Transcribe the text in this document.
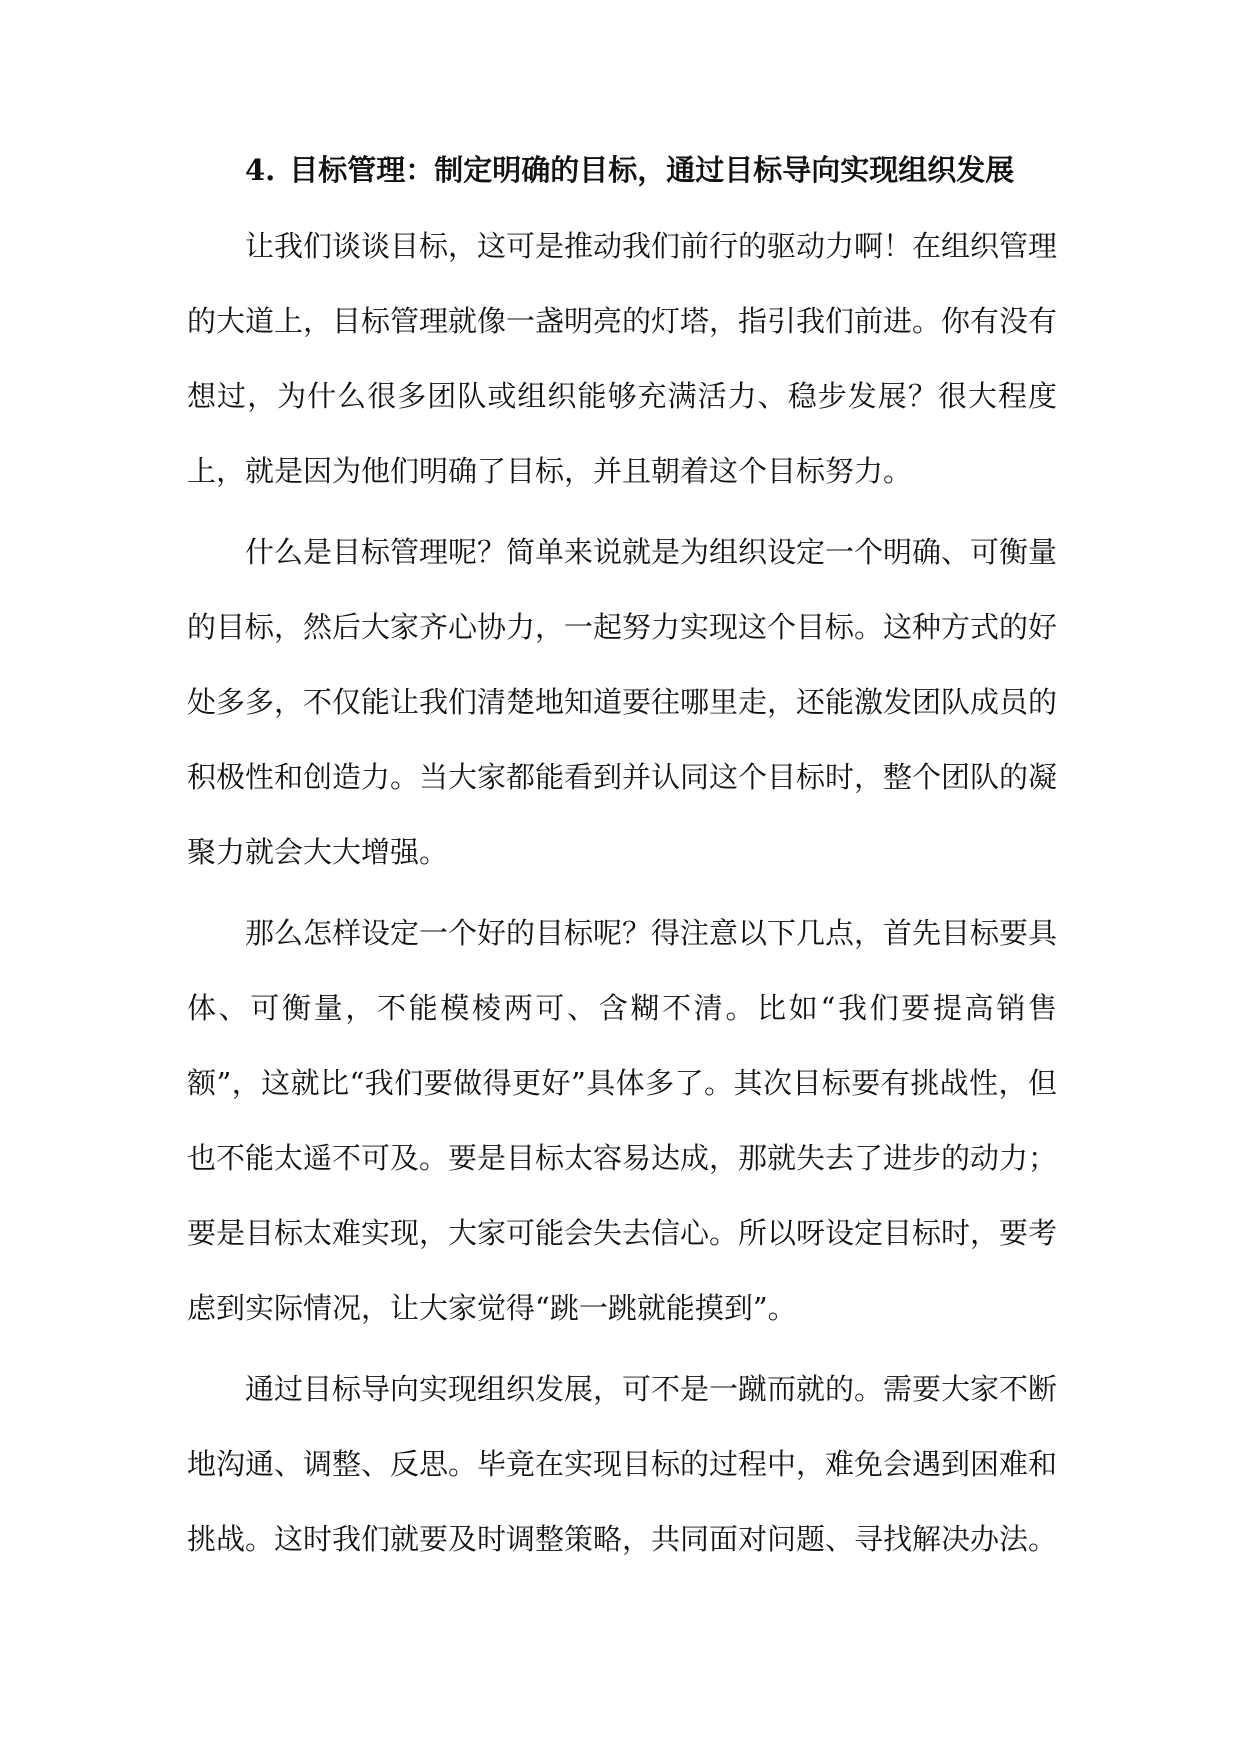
4. 目标管理：制定明确的目标，通过目标导向实现组织发展

让我们谈谈目标，这可是推动我们前行的驱动力啊！在组织管理的大道上，目标管理就像一盏明亮的灯塔，指引我们前进。你有没有想过，为什么很多团队或组织能够充满活力、稳步发展？很大程度上，就是因为他们明确了目标，并且朝着这个目标努力。

什么是目标管理呢？简单来说就是为组织设定一个明确、可衡量的目标，然后大家齐心协力，一起努力实现这个目标。这种方式的好处多多，不仅能让我们清楚地知道要往哪里走，还能激发团队成员的积极性和创造力。当大家都能看到并认同这个目标时，整个团队的凝聚力就会大大增强。

那么怎样设定一个好的目标呢？得注意以下几点，首先目标要具体、可衡量，不能模棱两可、含糊不清。比如“我们要提高销售额”，这就比“我们要做得更好”具体多了。其次目标要有挑战性，但也不能太遥不可及。要是目标太容易达成，那就失去了进步的动力；要是目标太难实现，大家可能会失去信心。所以呀设定目标时，要考虑到实际情况，让大家觉得“跳一跳就能摸到”。

通过目标导向实现组织发展，可不是一蹴而就的。需要大家不断地沟通、调整、反思。毕竟在实现目标的过程中，难免会遇到困难和挑战。这时我们就要及时调整策略，共同面对问题、寻找解决办法。
